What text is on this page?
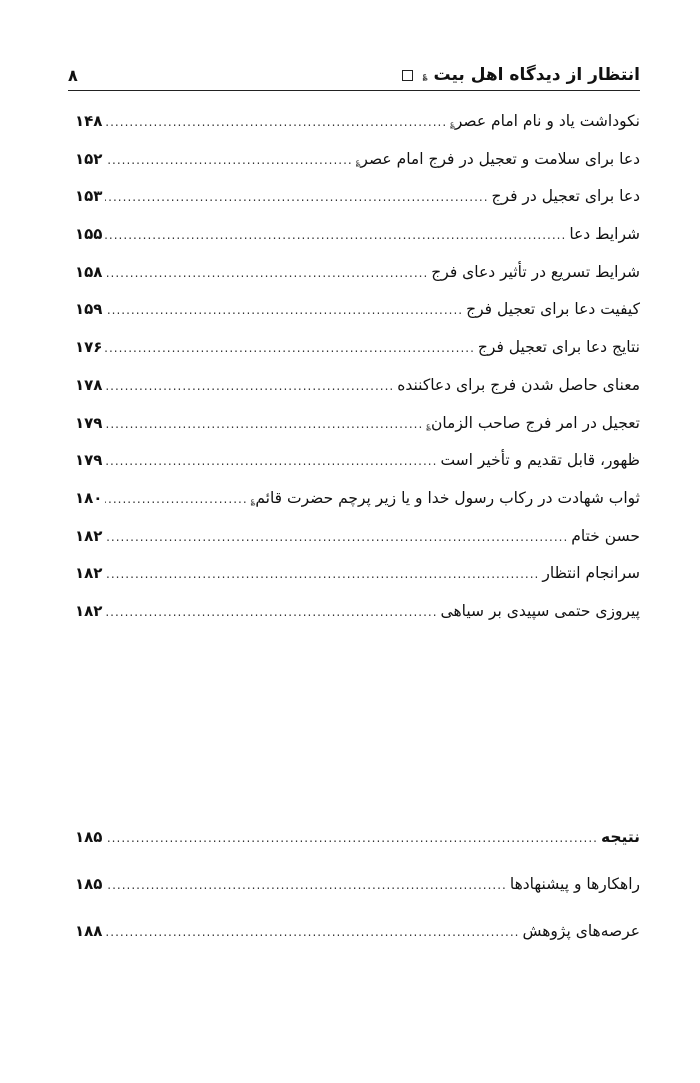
انتظار از دیدگاه اهل بیت
؏
۸
نکوداشت یاد و نام امام عصر
؏
.....
۱۴۸
دعا برای سلامت و تعجیل در فرج امام عصر
؏
.....
۱۵۲
دعا برای تعجیل در فرج
.....
۱۵۳
شرایط دعا
.....
۱۵۵
شرایط تسریع در تأثیر دعای فرج
.....
۱۵۸
کیفیت دعا برای تعجیل فرج
.....
۱۵۹
نتایج دعا برای تعجیل فرج
.....
۱۷۶
معنای حاصل شدن فرج برای دعاکننده
.....
۱۷۸
تعجیل در امر فرج صاحب الزمان
؏
.....
۱۷۹
ظهور، قابل تقدیم و تأخیر است
.....
۱۷۹
ثواب شهادت در رکاب رسول خدا و یا زیر پرچم حضرت قائم
؏
.....
۱۸۰
حسن ختام
.....
۱۸۲
سرانجام انتظار
.....
۱۸۲
پیروزی حتمی سپیدی بر سیاهی
.....
۱۸۲
نتیجه
.....
۱۸۵
راهکارها و پیشنهادها
.....
۱۸۵
عرصه‌های پژوهش
.....
۱۸۸
